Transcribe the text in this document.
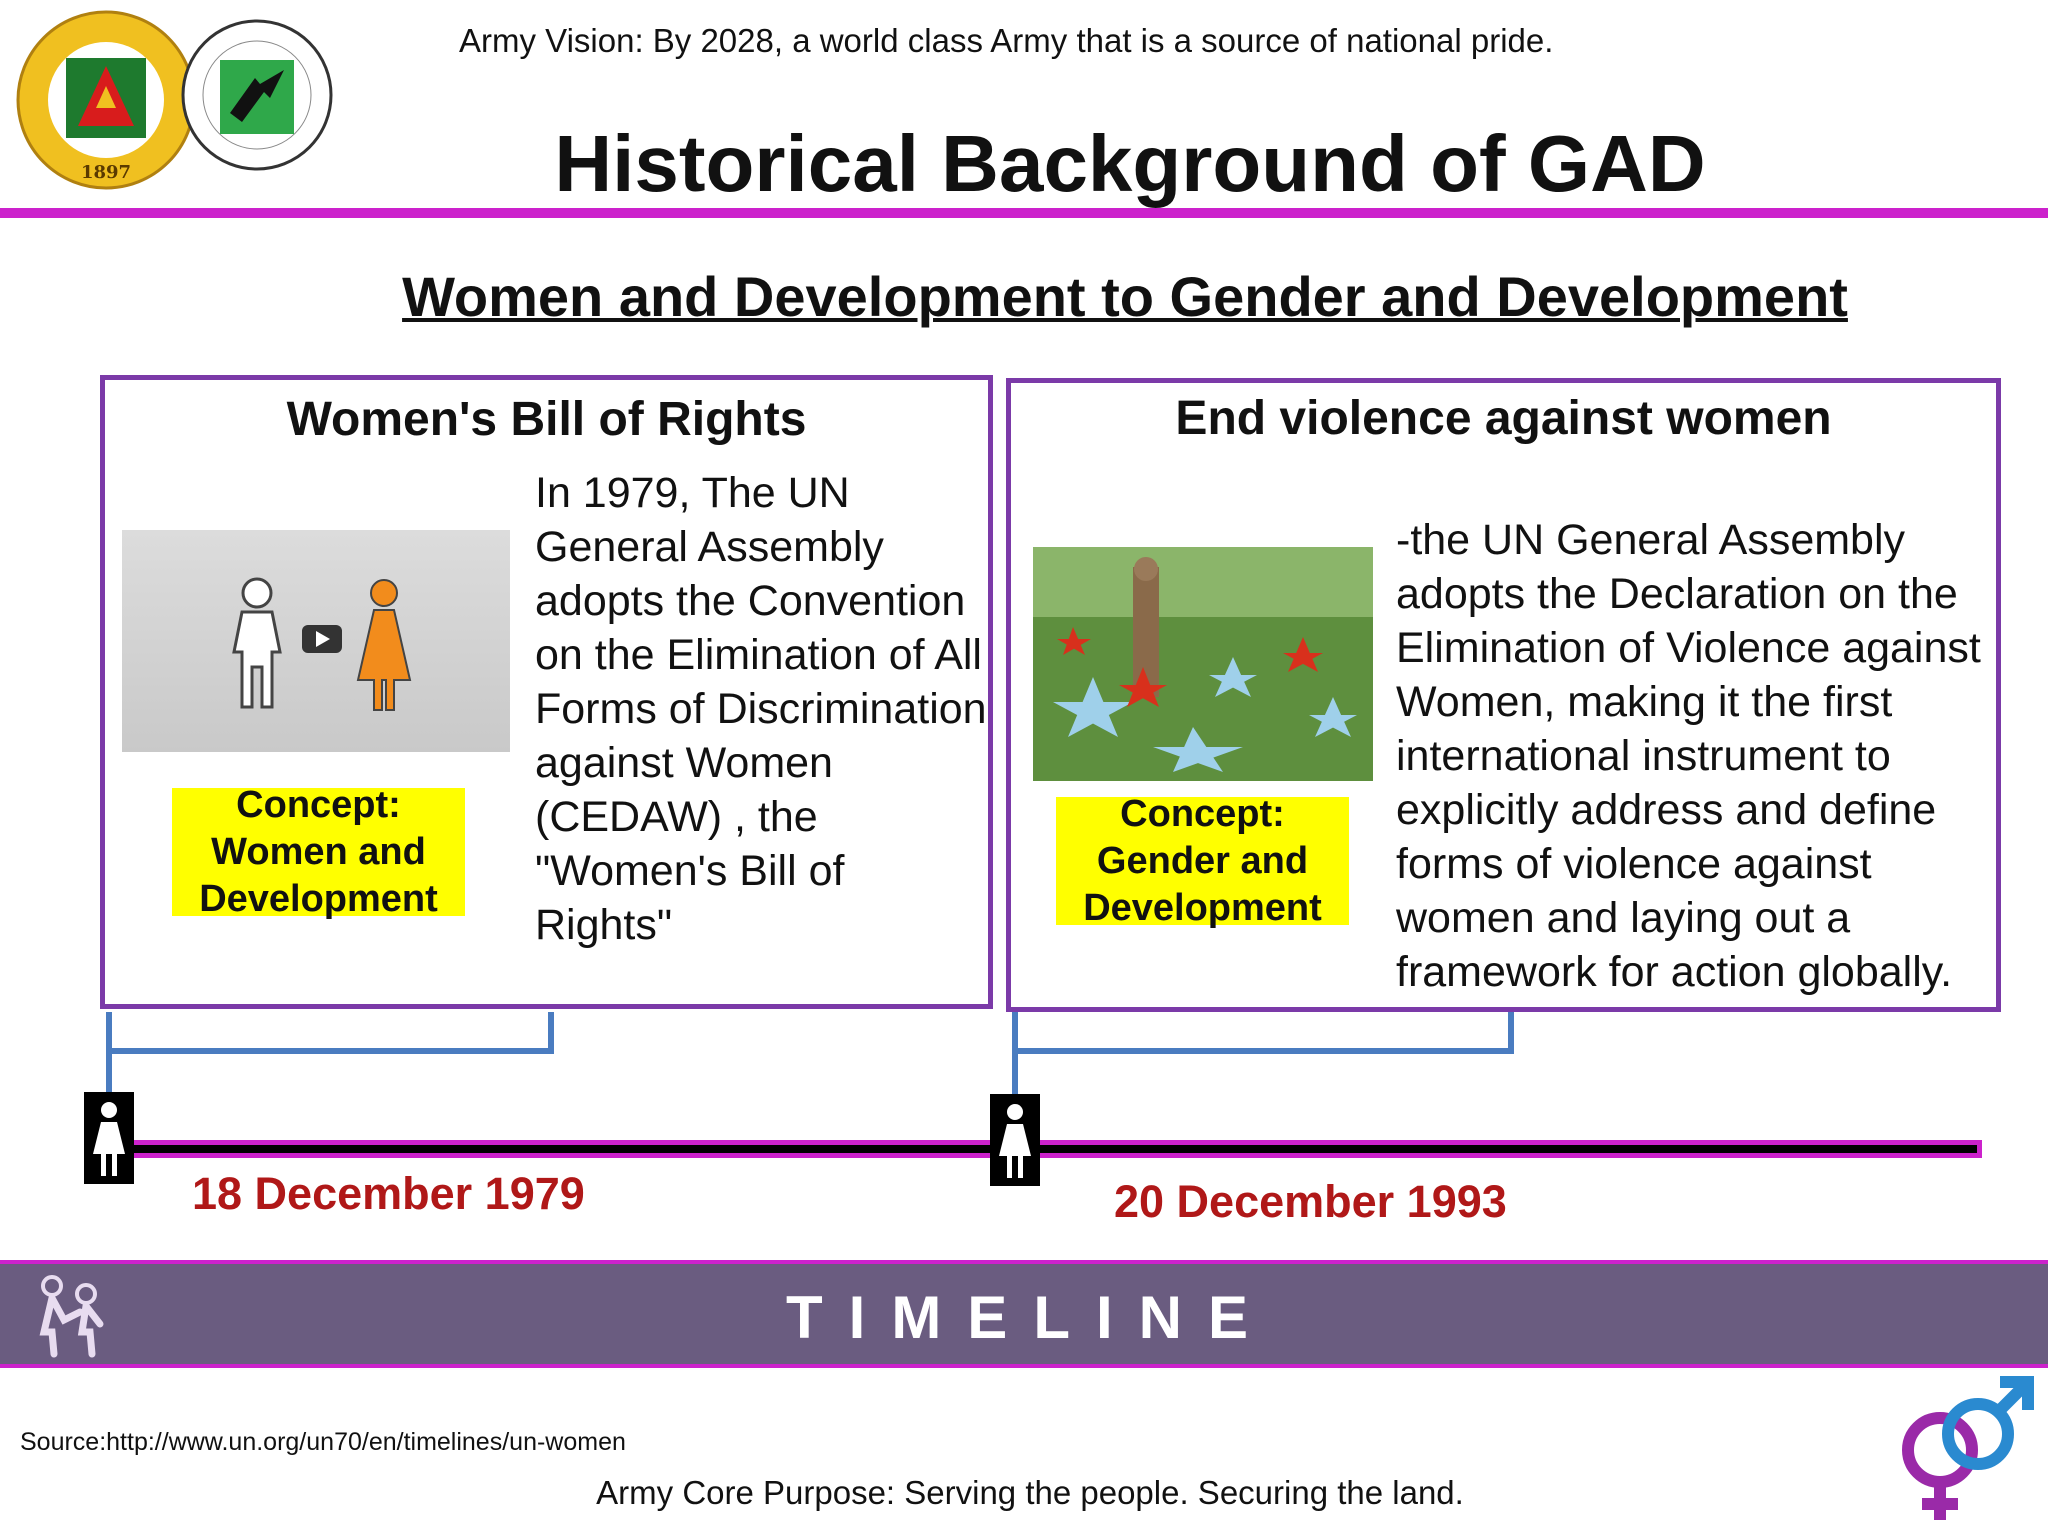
1897
Army Vision: By 2028, a world class Army that is a source of national pride.
Historical Background of GAD
Women and Development to Gender and Development
Women's Bill of Rights
Concept: Women and Development
In 1979, The UN General Assembly adopts the Convention on the Elimination of All Forms of Discrimination against Women (CEDAW) , the "Women's Bill of Rights"
End violence against women
Concept: Gender and Development
-the UN General Assembly adopts the Declaration on the Elimination of Violence against Women, making it the first international instrument to explicitly address and define forms of violence against women and laying out a framework for action globally.
18 December 1979	20 December 1993
TIMELINE
Source:http://www.un.org/un70/en/timelines/un-women
Army Core Purpose: Serving the people. Securing the land.
